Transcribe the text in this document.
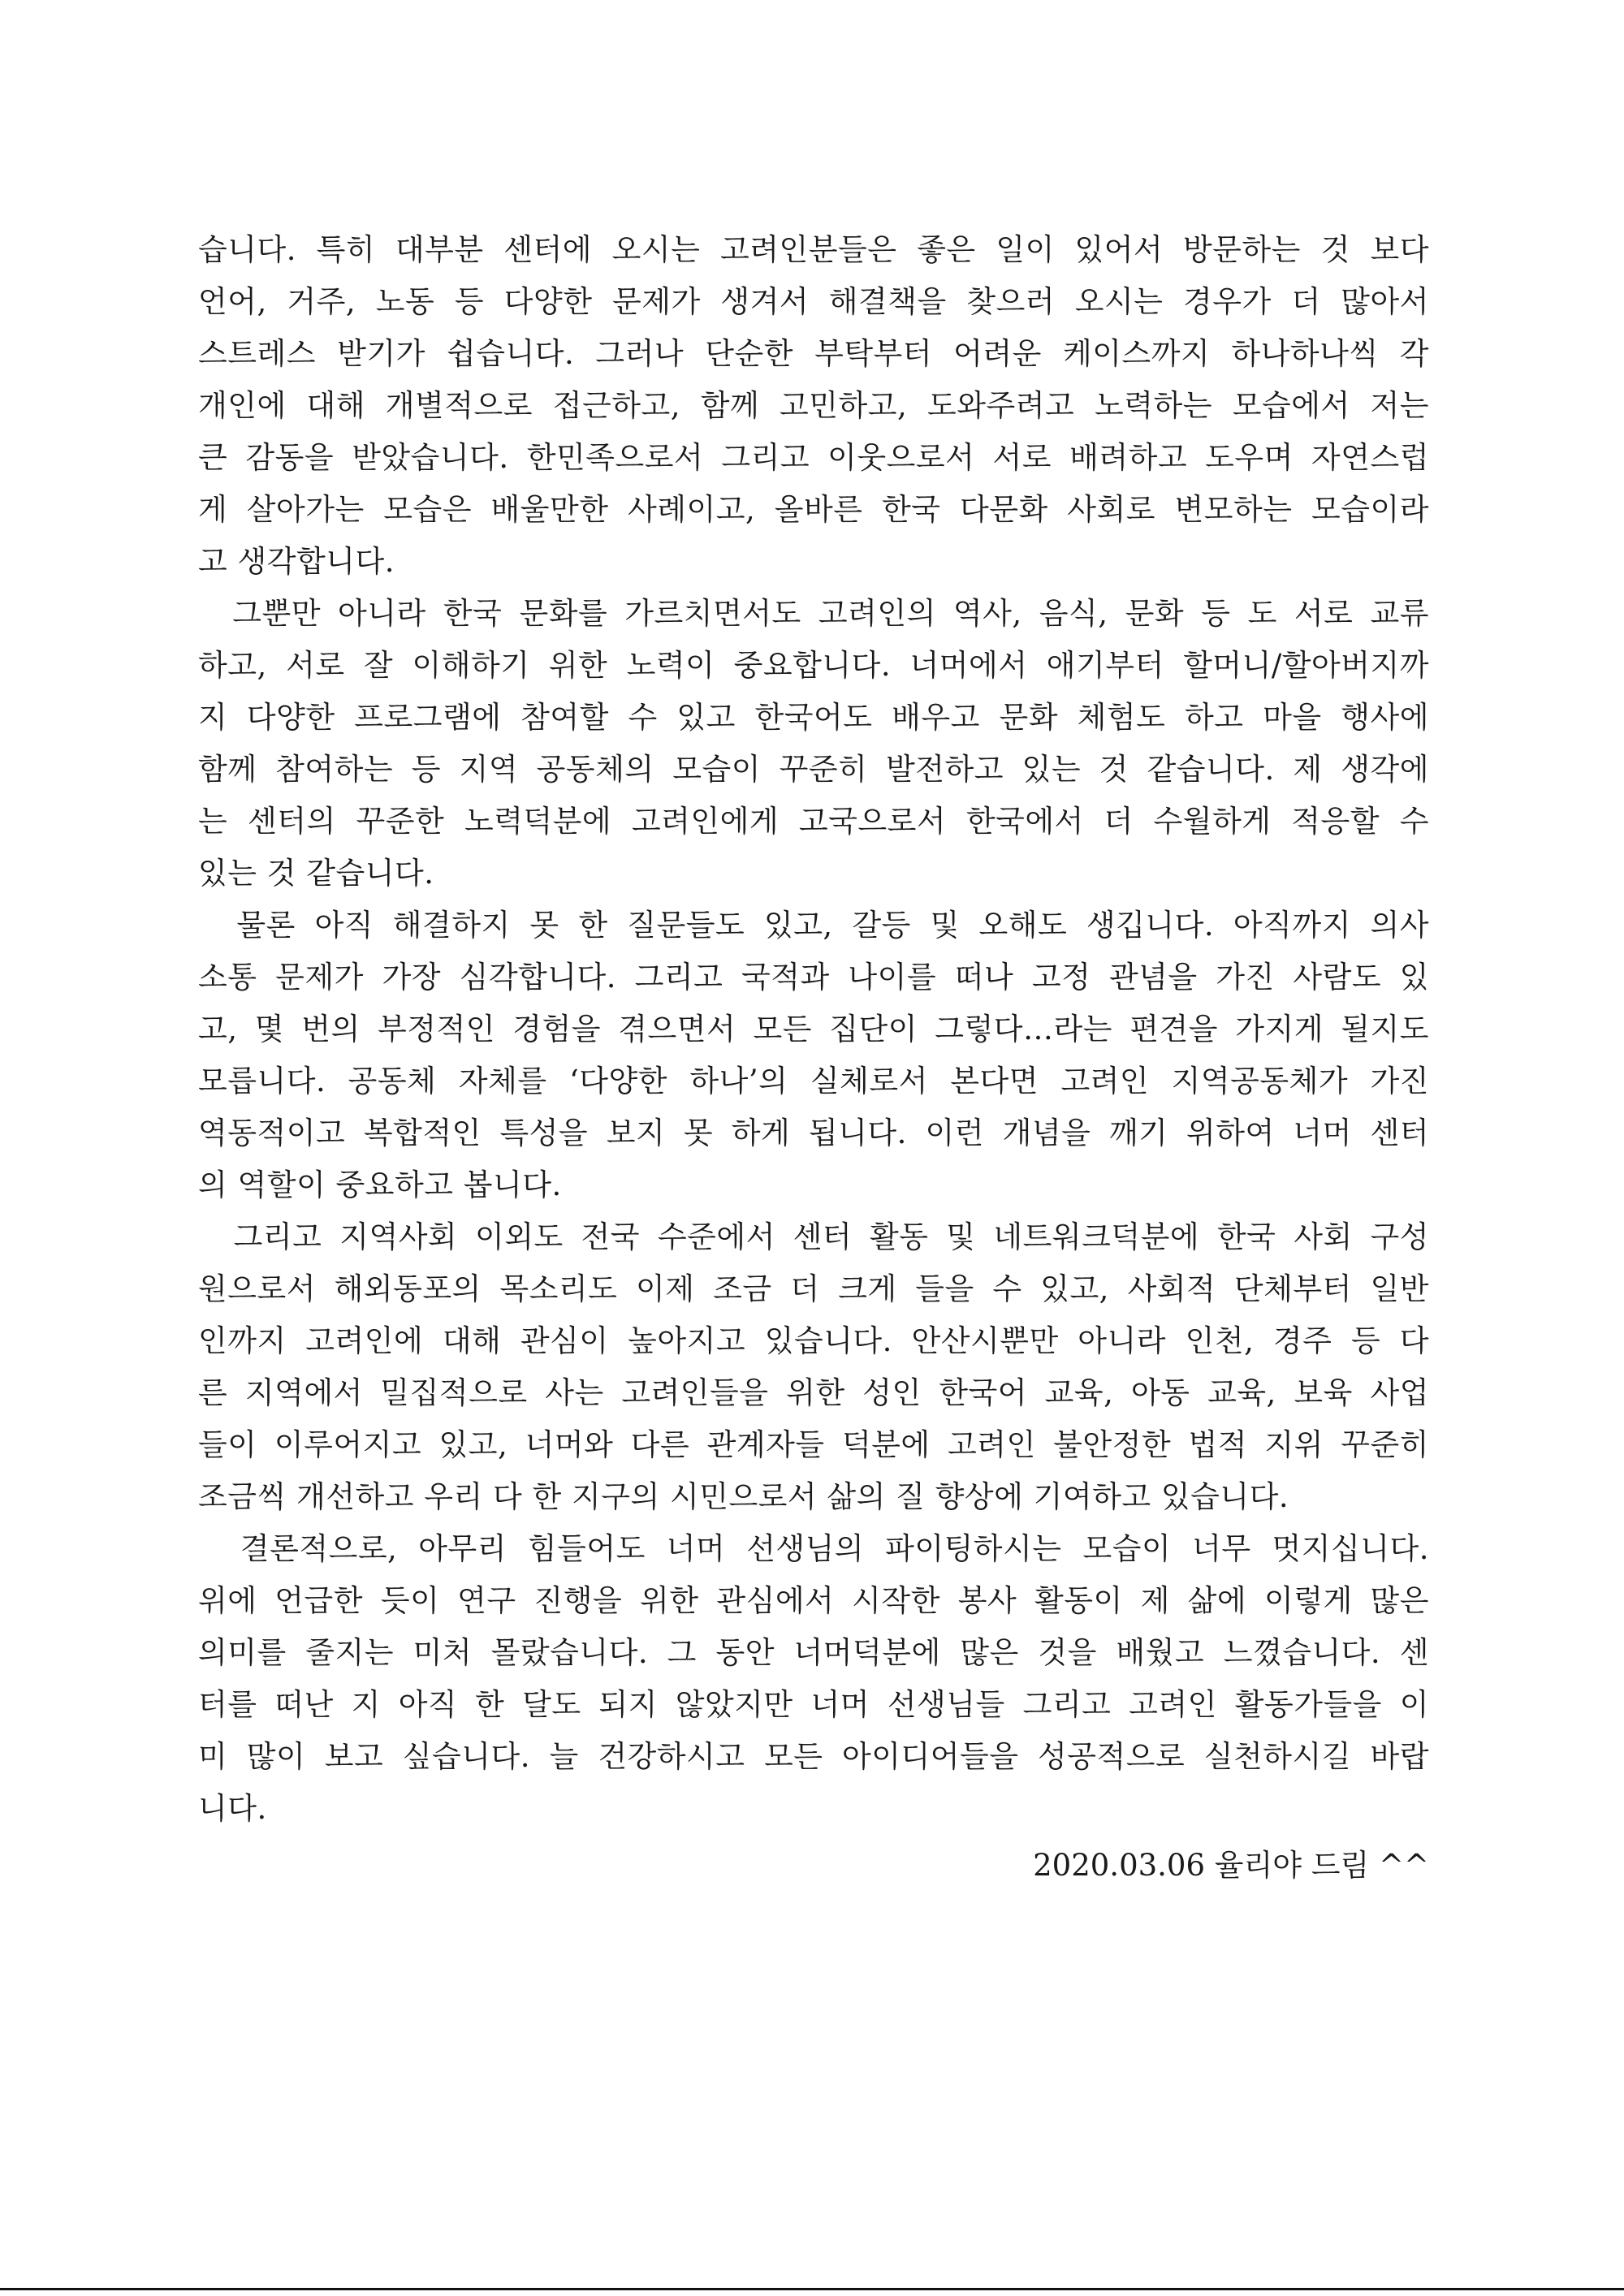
습니다. 특히 대부분 센터에 오시는 고려인분들은 좋은 일이 있어서 방문하는 것 보다
언어, 거주, 노동 등 다양한 문제가 생겨서 해결책을 찾으러 오시는 경우가 더 많아서
스트레스 받기가 쉽습니다. 그러나 단순한 부탁부터 어려운 케이스까지 하나하나씩 각
개인에 대해 개별적으로 접근하고, 함께 고민하고, 도와주려고 노력하는 모습에서 저는
큰 감동을 받았습니다. 한민족으로서 그리고 이웃으로서 서로 배려하고 도우며 자연스럽
게 살아가는 모습은 배울만한 사례이고, 올바른 한국 다문화 사회로 변모하는 모습이라
고 생각합니다.
그뿐만 아니라 한국 문화를 가르치면서도 고려인의 역사, 음식, 문화 등 도 서로 교류
하고, 서로 잘 이해하기 위한 노력이 중요합니다. 너머에서 애기부터 할머니/할아버지까
지 다양한 프로그램에 참여할 수 있고 한국어도 배우고 문화 체험도 하고 마을 행사에
함께 참여하는 등 지역 공동체의 모습이 꾸준히 발전하고 있는 것 같습니다. 제 생각에
는 센터의 꾸준한 노력덕분에 고려인에게 고국으로서 한국에서 더 수월하게 적응할 수
있는 것 같습니다.
물론 아직 해결하지 못 한 질문들도 있고, 갈등 및 오해도 생깁니다. 아직까지 의사
소통 문제가 가장 심각합니다. 그리고 국적과 나이를 떠나 고정 관념을 가진 사람도 있
고, 몇 번의 부정적인 경험을 겪으면서 모든 집단이 그렇다…라는 편견을 가지게 될지도
모릅니다. 공동체 자체를 ‘다양한 하나’의 실체로서 본다면 고려인 지역공동체가 가진
역동적이고 복합적인 특성을 보지 못 하게 됩니다. 이런 개념을 깨기 위하여 너머 센터
의 역할이 중요하고 봅니다.
그리고 지역사회 이외도 전국 수준에서 센터 활동 및 네트워크덕분에 한국 사회 구성
원으로서 해외동포의 목소리도 이제 조금 더 크게 들을 수 있고, 사회적 단체부터 일반
인까지 고려인에 대해 관심이 높아지고 있습니다. 안산시뿐만 아니라 인천, 경주 등 다
른 지역에서 밀집적으로 사는 고려인들을 위한 성인 한국어 교육, 아동 교육, 보육 사업
들이 이루어지고 있고, 너머와 다른 관계자들 덕분에 고려인 불안정한 법적 지위 꾸준히
조금씩 개선하고 우리 다 한 지구의 시민으로서 삶의 질 향상에 기여하고 있습니다.
결론적으로, 아무리 힘들어도 너머 선생님의 파이팅하시는 모습이 너무 멋지십니다.
위에 언급한 듯이 연구 진행을 위한 관심에서 시작한 봉사 활동이 제 삶에 이렇게 많은
의미를 줄지는 미처 몰랐습니다. 그 동안 너머덕분에 많은 것을 배웠고 느꼈습니다. 센
터를 떠난 지 아직 한 달도 되지 않았지만 너머 선생님들 그리고 고려인 활동가들을 이
미 많이 보고 싶습니다. 늘 건강하시고 모든 아이디어들을 성공적으로 실천하시길 바랍
니다.
2020.03.06 율리야 드림 ^^
